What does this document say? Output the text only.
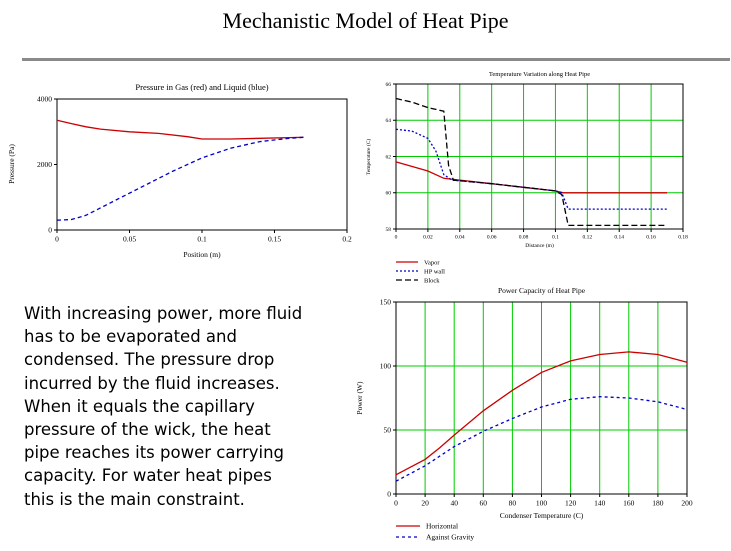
Mechanistic Model of Heat Pipe
0	0.05	0.1	0.15	0.2
0
2000
4000
Pressure in Gas (red) and Liquid (blue)
Position (m)
Pressure (Pa)
0	0.02	0.04	0.06	0.08	0.1	0.12	0.14	0.16	0.18
58
60
62
64
66
Temperature Variation along Heat Pipe
Distance (m)
Temperature (C)
Vapor
HP wall
Block
0	20	40	60	80	100 120 140 160 180 200
0
50
100
150
Power Capacity of Heat Pipe
Condenser Temperature (C)
Power (W)
Horizontal
Against Gravity
With increasing power, more fluid
has to be evaporated and
condensed. The pressure drop
incurred by the fluid increases.
When it equals the capillary
pressure of the wick, the heat
pipe reaches its power carrying
capacity. For water heat pipes
this is the main constraint.
